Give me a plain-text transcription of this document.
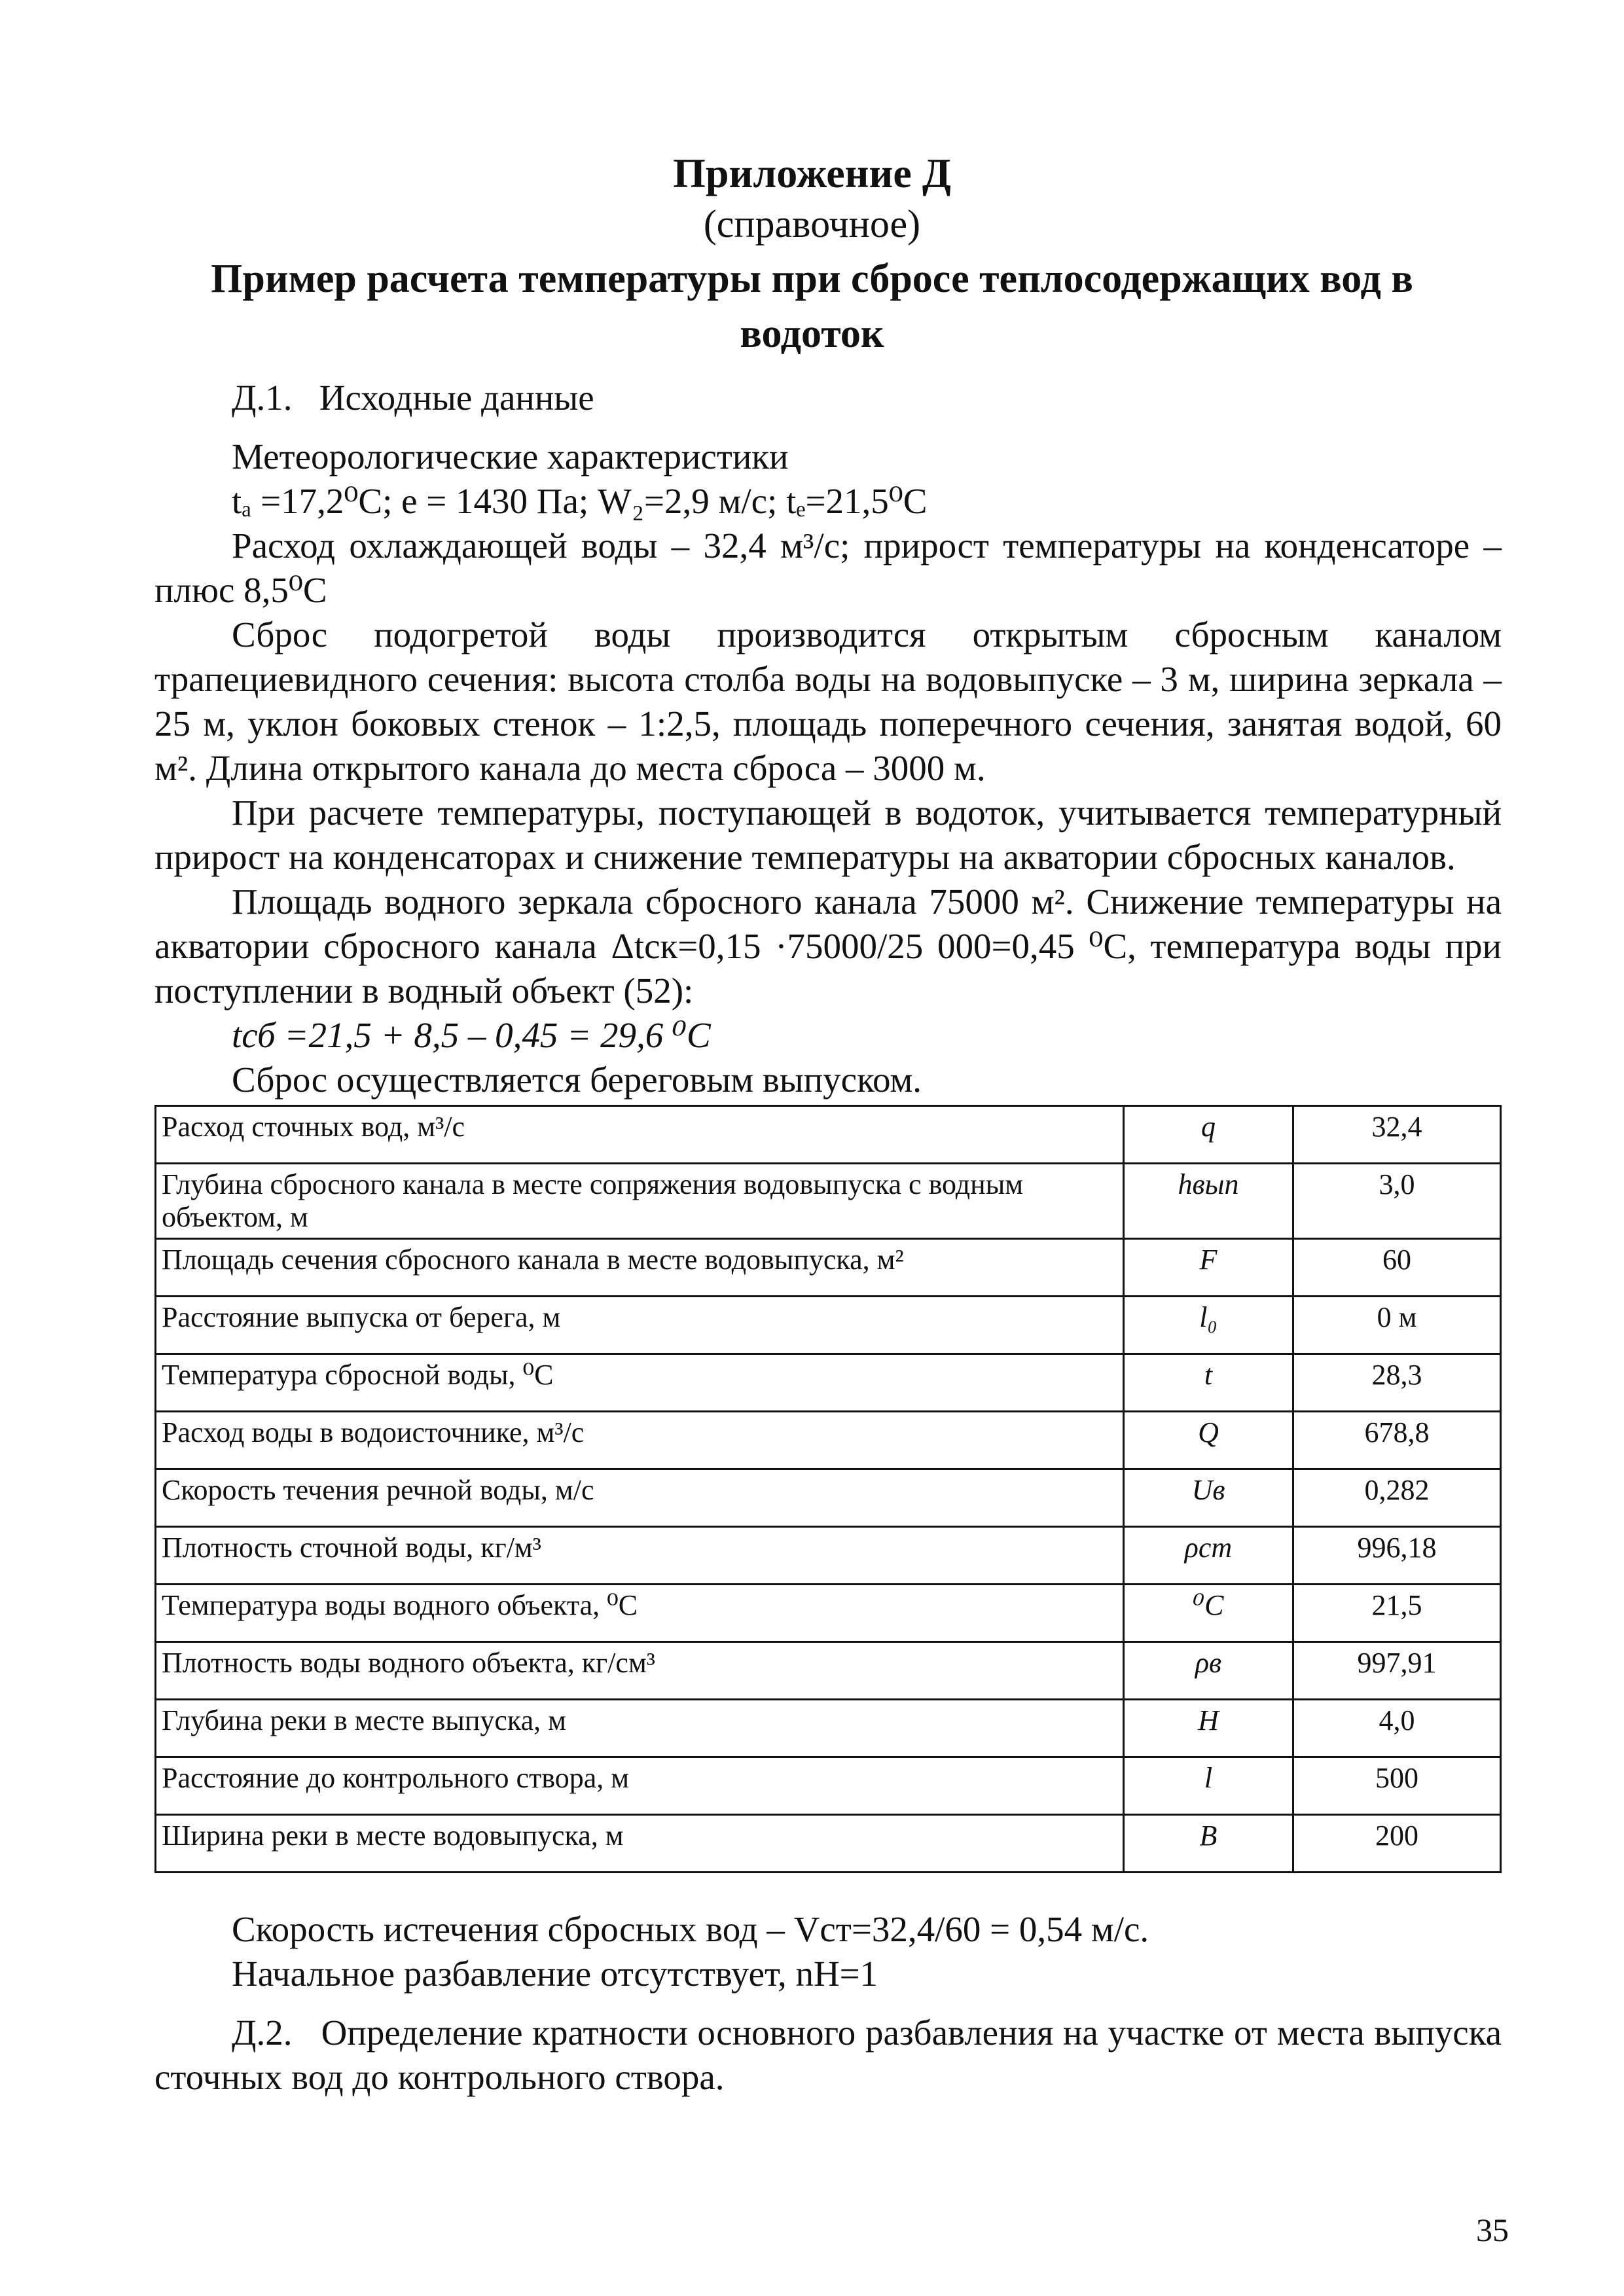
Приложение Д
(справочное)
Пример расчета температуры при сбросе теплосодержащих вод в водоток

Д.1.   Исходные данные

Метеорологические характеристики

tₐ =17,2⁰С; е = 1430 Па; W₂=2,9 м/с; tₑ=21,5⁰С

Расход охлаждающей воды – 32,4 м³/с; прирост температуры на конденсаторе – плюс 8,5⁰С

Сброс подогретой воды производится открытым сбросным каналом трапециевидного сечения: высота столба воды на водовыпуске – 3 м, ширина зеркала – 25 м, уклон боковых стенок – 1:2,5, площадь поперечного сечения, занятая водой, 60 м². Длина открытого канала до места сброса – 3000 м.

При расчете температуры, поступающей в водоток, учитывается температурный прирост на конденсаторах и снижение температуры на акватории сбросных каналов.

Площадь водного зеркала сбросного канала 75000 м². Снижение температуры на акватории сбросного канала Δtск=0,15 ·75000/25 000=0,45 ⁰С, температура воды при поступлении в водный объект (52):

tсб =21,5 + 8,5 – 0,45 = 29,6 ⁰С

Сброс осуществляется береговым выпуском.

Расход сточных вод, м³/с	q	32,4
Глубина сбросного канала в месте сопряжения водовыпуска с водным объектом, м	hвып	3,0
Площадь сечения сбросного канала в месте водовыпуска, м²	F	60
Расстояние выпуска от берега, м	l₀	0 м
Температура сбросной воды, ⁰С	t	28,3
Расход воды в водоисточнике, м³/с	Q	678,8
Скорость течения речной воды, м/с	Uв	0,282
Плотность сточной воды, кг/м³	ρст	996,18
Температура воды водного объекта, ⁰С	⁰С	21,5
Плотность воды водного объекта, кг/см³	ρв	997,91
Глубина реки в месте выпуска, м	H	4,0
Расстояние до контрольного створа, м	l	500
Ширина реки в месте водовыпуска, м	B	200

Скорость истечения сбросных вод – Vст=32,4/60 = 0,54 м/с.

Начальное разбавление отсутствует, nH=1

Д.2.   Определение кратности основного разбавления на участке от места выпуска сточных вод до контрольного створа.

35
